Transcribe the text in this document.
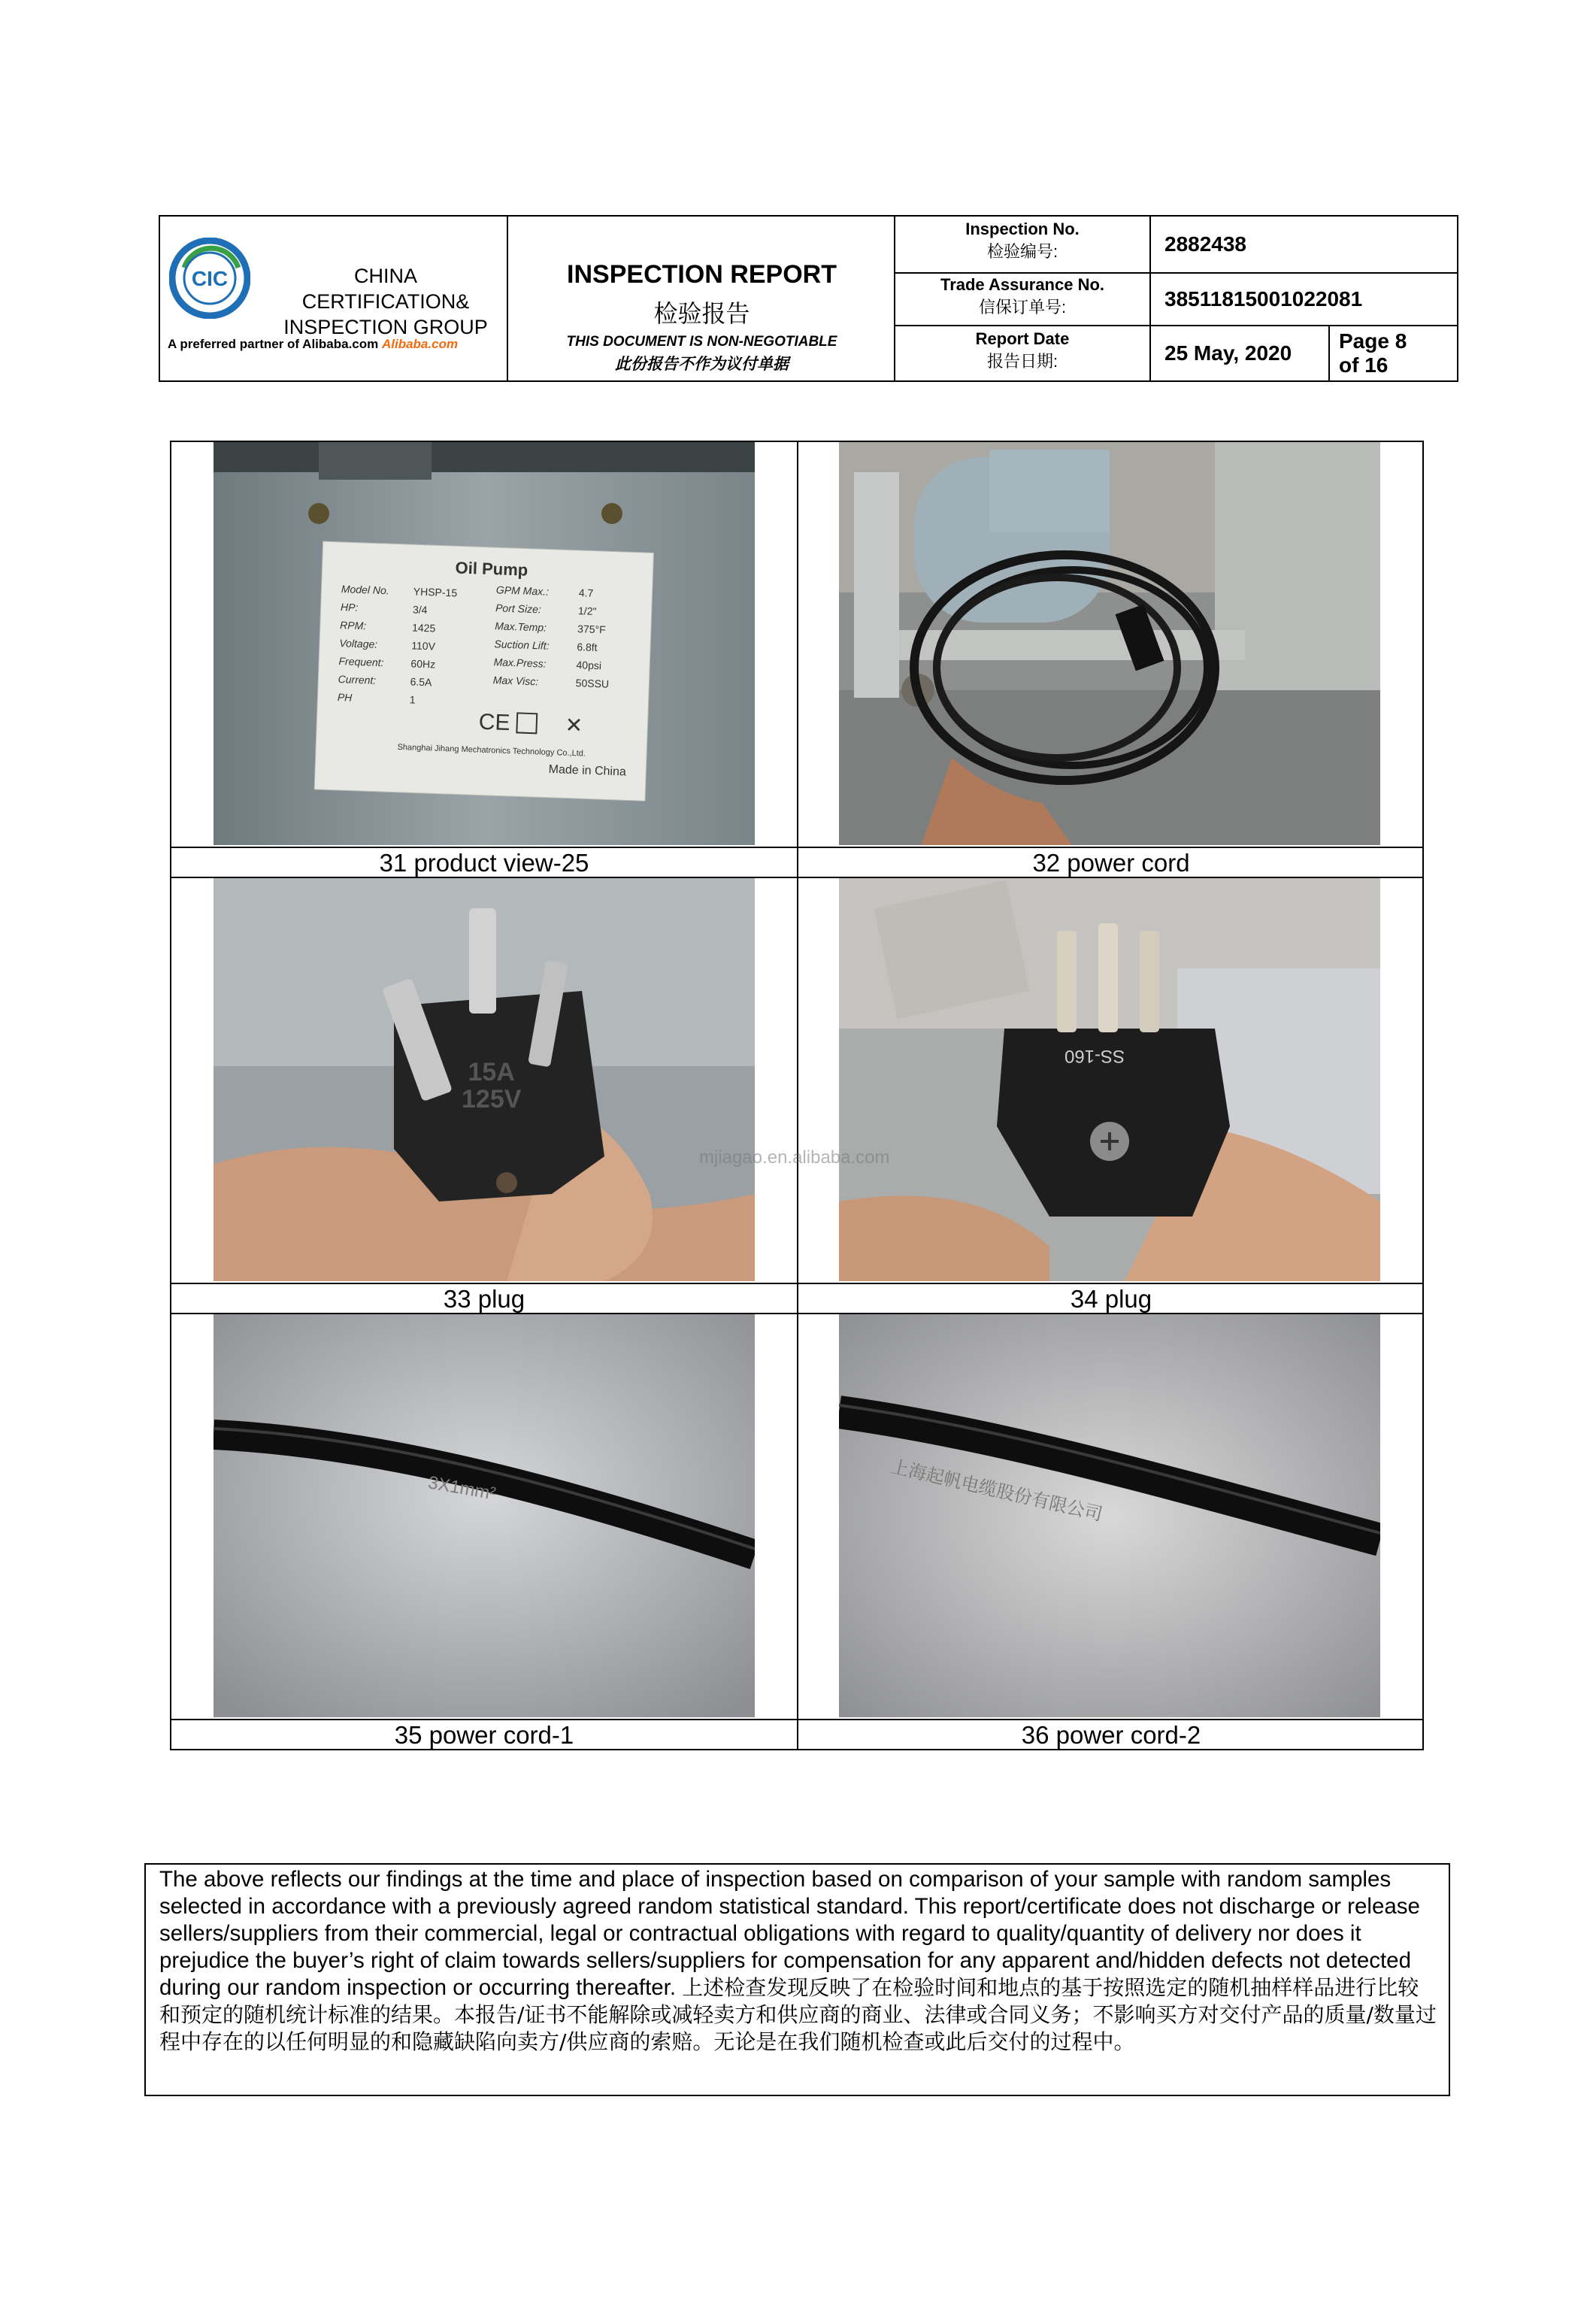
CIC	CHINA CERTIFICATION&
INSPECTION GROUP
A preferred partner of Alibaba.com Alibaba.com
INSPECTION REPORT
检验报告
THIS DOCUMENT IS NON-NEGOTIABLE
此份报告不作为议付单据
Inspection No.
检验编号:	2882438
Trade Assurance No.
信保订单号:	38511815001022081
Report Date
报告日期:	25 May, 2020
Page 8
of 16
Oil Pump
Model No. YHSP-15
HP:	3/4
RPM:	1425
Voltage:	110V
Frequent:	60Hz
Current:	6.5A
PH	1
GPM Max.:	4.7
Port Size:	1/2"
Max.Temp:	375°F
Suction Lift:	6.8ft
Max.Press:	40psi
Max Visc:	50SSU
CE	✕
Shanghai Jihang Mechatronics Technology Co.,Ltd.
Made in China
31 product view-25	32 power cord
15A
125V
33 plug
SS-160
34 plug
3X1mm²
35 power cord-1
上海起帆电缆股份有限公司
36 power cord-2
mjiagao.en.alibaba.com
The above reflects our findings at the time and place of inspection based on comparison of your sample with random samples selected in accordance with a previously agreed random statistical standard. This report/certificate does not discharge or release sellers/suppliers from their commercial, legal or contractual obligations with regard to quality/quantity of delivery nor does it prejudice the buyer’s right of claim towards sellers/suppliers for compensation for any apparent and/hidden defects not detected during our random inspection or occurring thereafter. 上述检查发现反映了在检验时间和地点的基于按照选定的随机抽样样品进行比较和预定的随机统计标准的结果。本报告/证书不能解除或减轻卖方和供应商的商业、法律或合同义务；不影响买方对交付产品的质量/数量过程中存在的以任何明显的和隐藏缺陷向卖方/供应商的索赔。无论是在我们随机检查或此后交付的过程中。
